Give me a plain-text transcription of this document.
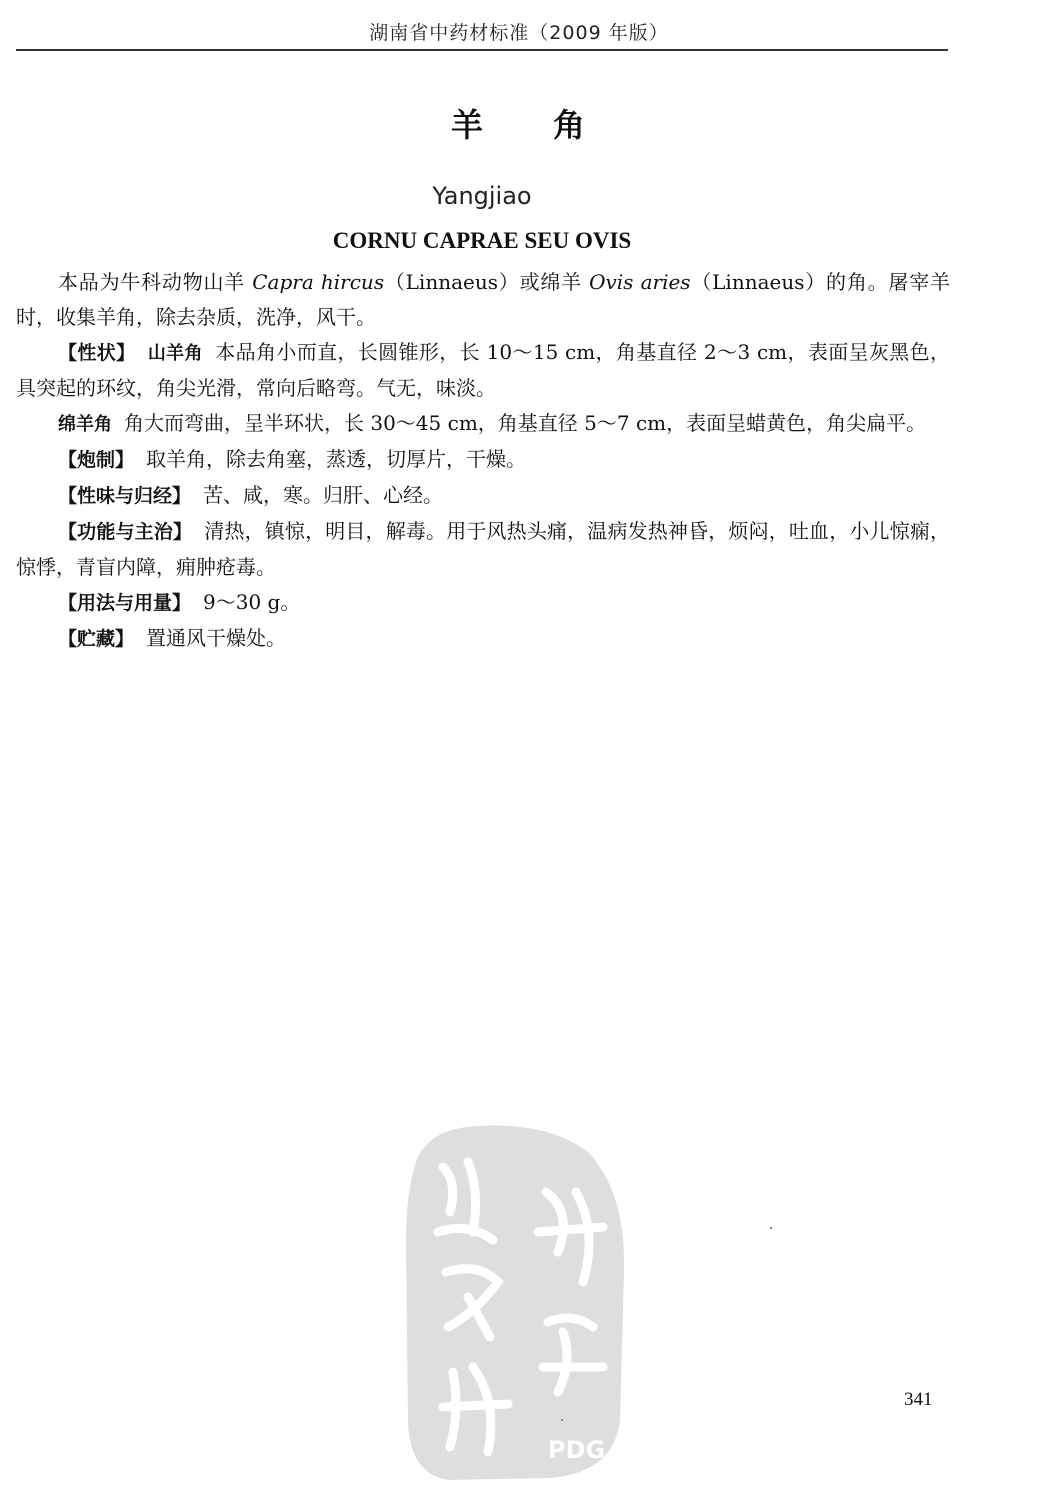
湖南省中药材标准（2009 年版）
羊　　角
Yangjiao
CORNU CAPRAE SEU OVIS

本品为牛科动物山羊 Capra hircus（Linnaeus）或绵羊 Ovis aries（Linnaeus）的角。屠宰羊时，收集羊角，除去杂质，洗净，风干。

【性状】 山羊角 本品角小而直，长圆锥形，长 10～15 cm，角基直径 2～3 cm，表面呈灰黑色，具突起的环纹，角尖光滑，常向后略弯。气无，味淡。

绵羊角 角大而弯曲，呈半环状，长 30～45 cm，角基直径 5～7 cm，表面呈蜡黄色，角尖扁平。

【炮制】 取羊角，除去角塞，蒸透，切厚片，干燥。

【性味与归经】 苦、咸，寒。归肝、心经。

【功能与主治】 清热，镇惊，明目，解毒。用于风热头痛，温病发热神昏，烦闷，吐血，小儿惊痫，惊悸，青盲内障，痈肿疮毒。

【用法与用量】 9～30 g。

【贮藏】 置通风干燥处。

PDG
341
